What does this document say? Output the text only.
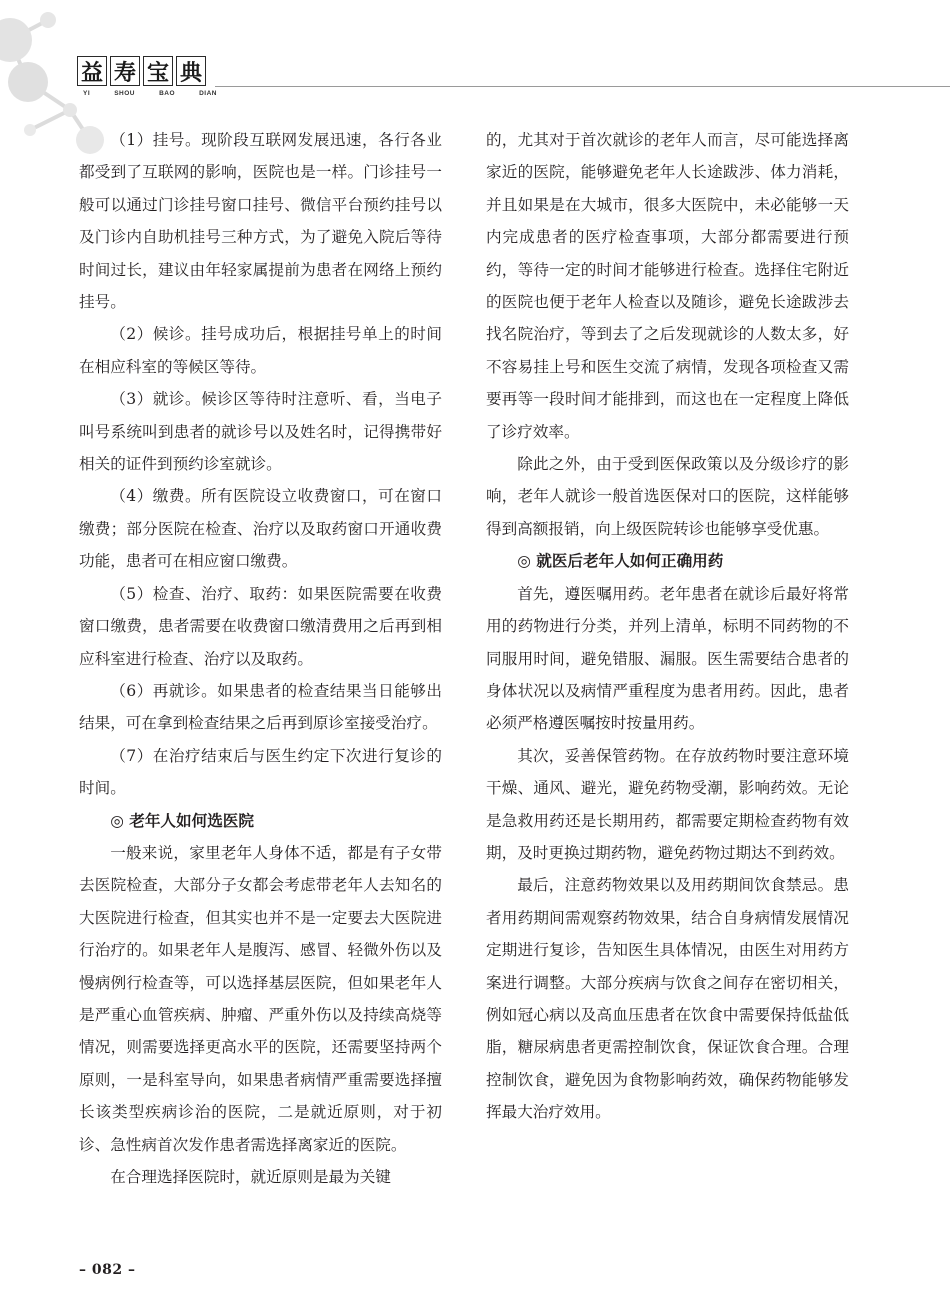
益 寿 宝 典
YI	SHOU	BAO	DIAN

（1）挂号。现阶段互联网发展迅速，各行各业都受到了互联网的影响，医院也是一样。门诊挂号一般可以通过门诊挂号窗口挂号、微信平台预约挂号以及门诊内自助机挂号三种方式，为了避免入院后等待时间过长，建议由年轻家属提前为患者在网络上预约挂号。

（2）候诊。挂号成功后，根据挂号单上的时间在相应科室的等候区等待。

（3）就诊。候诊区等待时注意听、看，当电子叫号系统叫到患者的就诊号以及姓名时，记得携带好相关的证件到预约诊室就诊。

（4）缴费。所有医院设立收费窗口，可在窗口缴费；部分医院在检查、治疗以及取药窗口开通收费功能，患者可在相应窗口缴费。

（5）检查、治疗、取药：如果医院需要在收费窗口缴费，患者需要在收费窗口缴清费用之后再到相应科室进行检查、治疗以及取药。

（6）再就诊。如果患者的检查结果当日能够出结果，可在拿到检查结果之后再到原诊室接受治疗。

（7）在治疗结束后与医生约定下次进行复诊的时间。

◎ 老年人如何选医院

一般来说，家里老年人身体不适，都是有子女带去医院检查，大部分子女都会考虑带老年人去知名的大医院进行检查，但其实也并不是一定要去大医院进行治疗的。如果老年人是腹泻、感冒、轻微外伤以及慢病例行检查等，可以选择基层医院，但如果老年人是严重心血管疾病、肿瘤、严重外伤以及持续高烧等情况，则需要选择更高水平的医院，还需要坚持两个原则，一是科室导向，如果患者病情严重需要选择擅长该类型疾病诊治的医院，二是就近原则，对于初诊、急性病首次发作患者需选择离家近的医院。

在合理选择医院时，就近原则是最为关键

的，尤其对于首次就诊的老年人而言，尽可能选择离家近的医院，能够避免老年人长途跋涉、体力消耗，并且如果是在大城市，很多大医院中，未必能够一天内完成患者的医疗检查事项，大部分都需要进行预约，等待一定的时间才能够进行检查。选择住宅附近的医院也便于老年人检查以及随诊，避免长途跋涉去找名院治疗，等到去了之后发现就诊的人数太多，好不容易挂上号和医生交流了病情，发现各项检查又需要再等一段时间才能排到，而这也在一定程度上降低了诊疗效率。

除此之外，由于受到医保政策以及分级诊疗的影响，老年人就诊一般首选医保对口的医院，这样能够得到高额报销，向上级医院转诊也能够享受优惠。

◎ 就医后老年人如何正确用药

首先，遵医嘱用药。老年患者在就诊后最好将常用的药物进行分类，并列上清单，标明不同药物的不同服用时间，避免错服、漏服。医生需要结合患者的身体状况以及病情严重程度为患者用药。因此，患者必须严格遵医嘱按时按量用药。

其次，妥善保管药物。在存放药物时要注意环境干燥、通风、避光，避免药物受潮，影响药效。无论是急救用药还是长期用药，都需要定期检查药物有效期，及时更换过期药物，避免药物过期达不到药效。

最后，注意药物效果以及用药期间饮食禁忌。患者用药期间需观察药物效果，结合自身病情发展情况定期进行复诊，告知医生具体情况，由医生对用药方案进行调整。大部分疾病与饮食之间存在密切相关，例如冠心病以及高血压患者在饮食中需要保持低盐低脂，糖尿病患者更需控制饮食，保证饮食合理。合理控制饮食，避免因为食物影响药效，确保药物能够发挥最大治疗效用。

– 082 –
